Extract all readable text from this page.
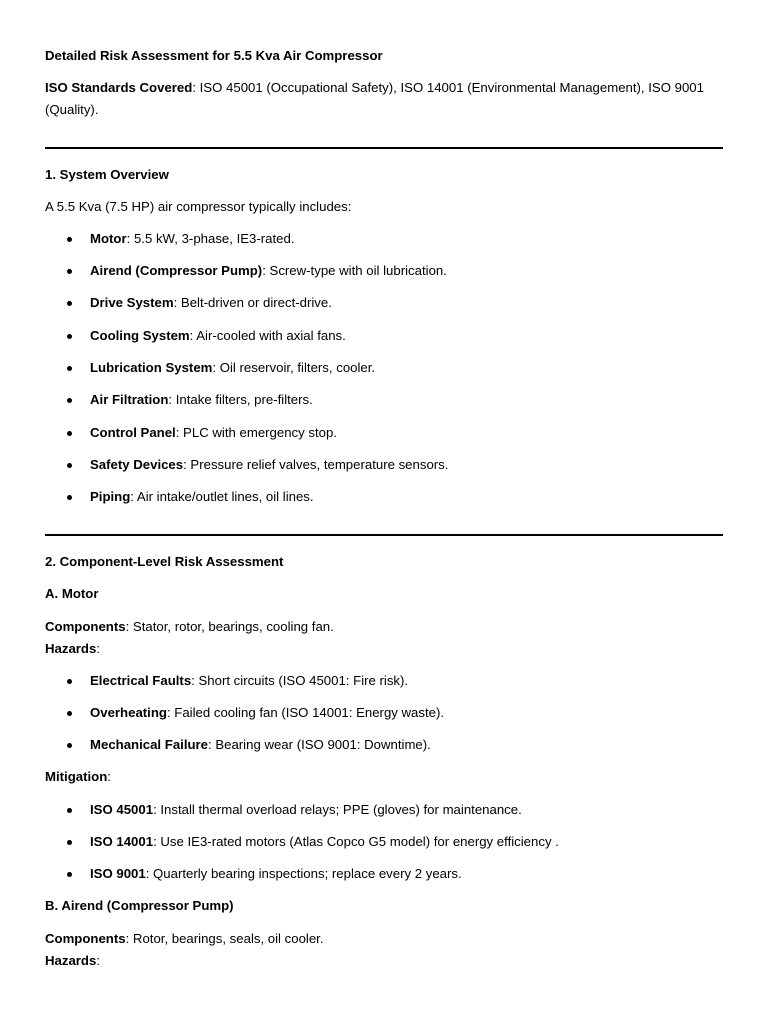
Detailed Risk Assessment for 5.5 Kva Air Compressor
ISO Standards Covered: ISO 45001 (Occupational Safety), ISO 14001 (Environmental Management), ISO 9001
(Quality).
1. System Overview
A 5.5 Kva (7.5 HP) air compressor typically includes:
Motor: 5.5 kW, 3-phase, IE3-rated.
Airend (Compressor Pump): Screw-type with oil lubrication.
Drive System: Belt-driven or direct-drive.
Cooling System: Air-cooled with axial fans.
Lubrication System: Oil reservoir, filters, cooler.
Air Filtration: Intake filters, pre-filters.
Control Panel: PLC with emergency stop.
Safety Devices: Pressure relief valves, temperature sensors.
Piping: Air intake/outlet lines, oil lines.
2. Component-Level Risk Assessment
A. Motor
Components: Stator, rotor, bearings, cooling fan.
Hazards:
Electrical Faults: Short circuits (ISO 45001: Fire risk).
Overheating: Failed cooling fan (ISO 14001: Energy waste).
Mechanical Failure: Bearing wear (ISO 9001: Downtime).
Mitigation:
ISO 45001: Install thermal overload relays; PPE (gloves) for maintenance.
ISO 14001: Use IE3-rated motors (Atlas Copco G5 model) for energy efficiency .
ISO 9001: Quarterly bearing inspections; replace every 2 years.
B. Airend (Compressor Pump)
Components: Rotor, bearings, seals, oil cooler.
Hazards:
